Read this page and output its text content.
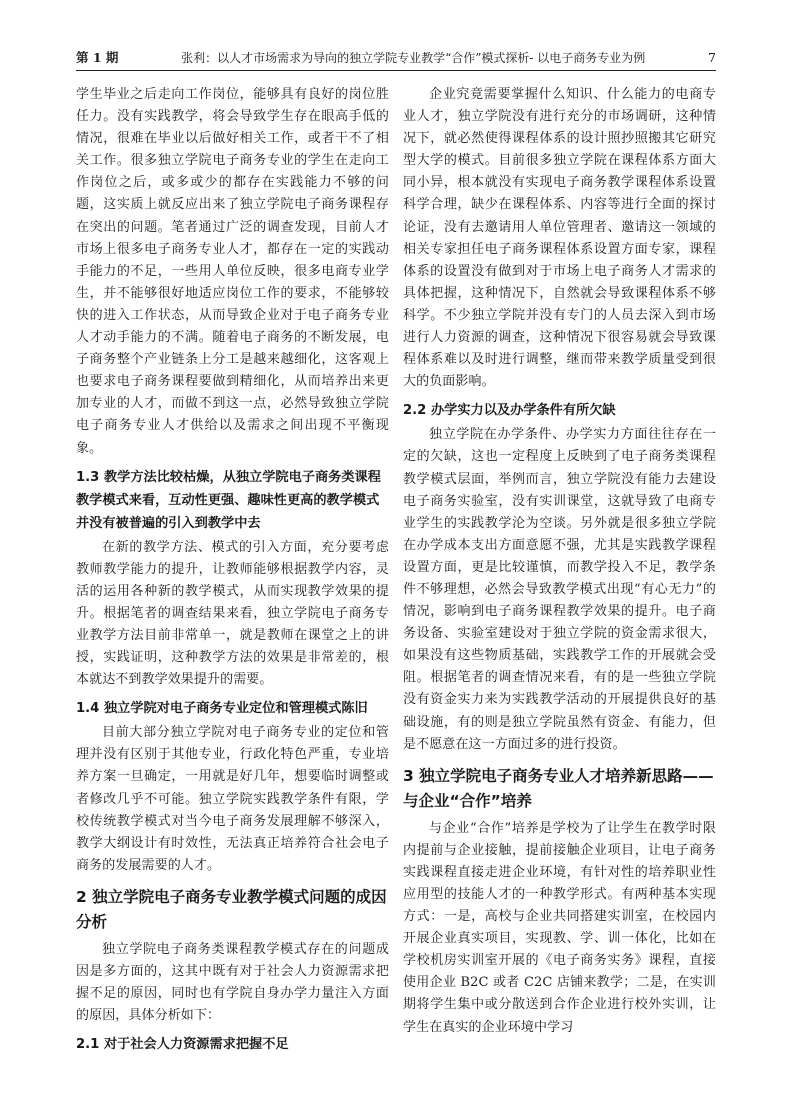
第 1 期	张利：以人才市场需求为导向的独立学院专业教学“合作”模式探析- 以电子商务专业为例	7

学生毕业之后走向工作岗位，能够具有良好的岗位胜任力。没有实践教学，将会导致学生存在眼高手低的情况，很难在毕业以后做好相关工作，或者干不了相关工作。很多独立学院电子商务专业的学生在走向工作岗位之后，或多或少的都存在实践能力不够的问题，这实质上就反应出来了独立学院电子商务课程存在突出的问题。笔者通过广泛的调查发现，目前人才市场上很多电子商务专业人才，都存在一定的实践动手能力的不足，一些用人单位反映，很多电商专业学生，并不能够很好地适应岗位工作的要求，不能够较快的进入工作状态，从而导致企业对于电子商务专业人才动手能力的不满。随着电子商务的不断发展，电子商务整个产业链条上分工是越来越细化，这客观上也要求电子商务课程要做到精细化，从而培养出来更加专业的人才，而做不到这一点，必然导致独立学院电子商务专业人才供给以及需求之间出现不平衡现象。

1.3 教学方法比较枯燥，从独立学院电子商务类课程教学模式来看，互动性更强、趣味性更高的教学模式并没有被普遍的引入到教学中去

在新的教学方法、模式的引入方面，充分要考虑教师教学能力的提升，让教师能够根据教学内容，灵活的运用各种新的教学模式，从而实现教学效果的提升。根据笔者的调查结果来看，独立学院电子商务专业教学方法目前非常单一，就是教师在课堂之上的讲授，实践证明，这种教学方法的效果是非常差的，根本就达不到教学效果提升的需要。

1.4 独立学院对电子商务专业定位和管理模式陈旧

目前大部分独立学院对电子商务专业的定位和管理并没有区别于其他专业，行政化特色严重，专业培养方案一旦确定，一用就是好几年，想要临时调整或者修改几乎不可能。独立学院实践教学条件有限，学校传统教学模式对当今电子商务发展理解不够深入，教学大纲设计有时效性，无法真正培养符合社会电子商务的发展需要的人才。

2 独立学院电子商务专业教学模式问题的成因分析

独立学院电子商务类课程教学模式存在的问题成因是多方面的，这其中既有对于社会人力资源需求把握不足的原因，同时也有学院自身办学力量注入方面的原因，具体分析如下：

2.1 对于社会人力资源需求把握不足

企业究竟需要掌握什么知识、什么能力的电商专业人才，独立学院没有进行充分的市场调研，这种情况下，就必然使得课程体系的设计照抄照搬其它研究型大学的模式。目前很多独立学院在课程体系方面大同小异，根本就没有实现电子商务教学课程体系设置科学合理，缺少在课程体系、内容等进行全面的探讨论证，没有去邀请用人单位管理者、邀请这一领域的相关专家担任电子商务课程体系设置方面专家，课程体系的设置没有做到对于市场上电子商务人才需求的具体把握，这种情况下，自然就会导致课程体系不够科学。不少独立学院并没有专门的人员去深入到市场进行人力资源的调查，这种情况下很容易就会导致课程体系难以及时进行调整，继而带来教学质量受到很大的负面影响。

2.2 办学实力以及办学条件有所欠缺

独立学院在办学条件、办学实力方面往往存在一定的欠缺，这也一定程度上反映到了电子商务类课程教学模式层面，举例而言，独立学院没有能力去建设电子商务实验室，没有实训课堂，这就导致了电商专业学生的实践教学沦为空谈。另外就是很多独立学院在办学成本支出方面意愿不强，尤其是实践教学课程设置方面，更是比较谨慎，而教学投入不足，教学条件不够理想，必然会导致教学模式出现“有心无力”的情况，影响到电子商务课程教学效果的提升。电子商务设备、实验室建设对于独立学院的资金需求很大，如果没有这些物质基础，实践教学工作的开展就会受阻。根据笔者的调查情况来看，有的是一些独立学院没有资金实力来为实践教学活动的开展提供良好的基础设施，有的则是独立学院虽然有资金、有能力，但是不愿意在这一方面过多的进行投资。

3 独立学院电子商务专业人才培养新思路——与企业“合作”培养

与企业“合作”培养是学校为了让学生在教学时限内提前与企业接触，提前接触企业项目，让电子商务实践课程直接走进企业环境，有针对性的培养职业性应用型的技能人才的一种教学形式。有两种基本实现方式：一是，高校与企业共同搭建实训室，在校园内开展企业真实项目，实现教、学、训一体化，比如在学校机房实训室开展的《电子商务实务》课程，直接使用企业 B2C 或者 C2C 店铺来教学；二是，在实训期将学生集中或分散送到合作企业进行校外实训，让学生在真实的企业环境中学习
